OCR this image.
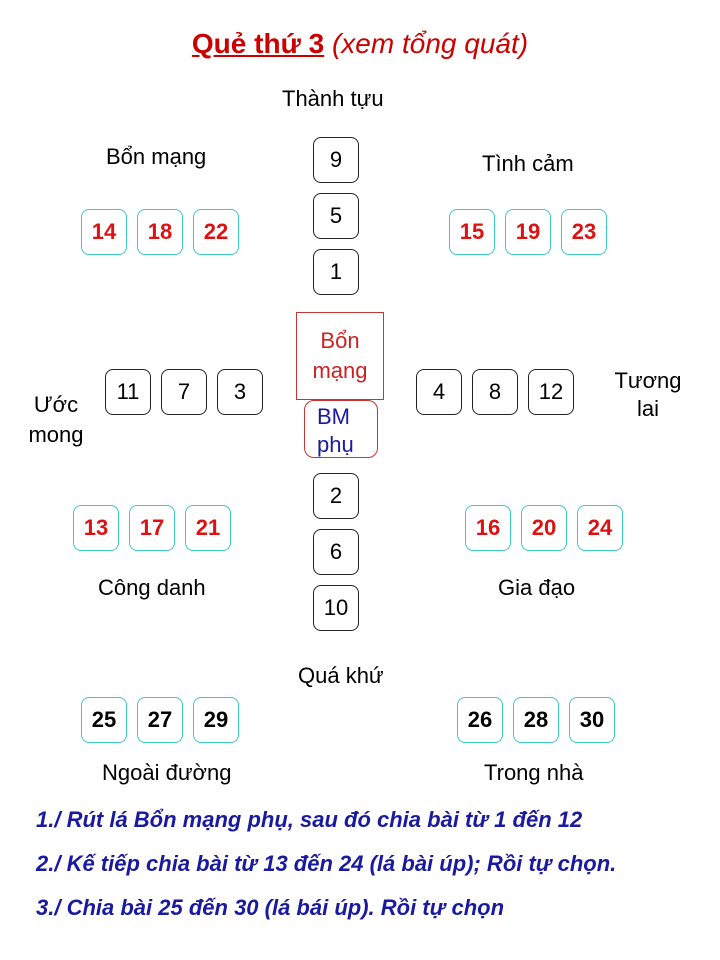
Quẻ thứ 3 (xem tổng quát)
Thành tựu
Bổn mạng	Tình cảm
Ước
mong
Tương
lai
Công danh	Gia đạo
Quá khứ
Ngoài đường	Trong nhà
9
5
1
Bổn
mạng
BM
phụ
11	7	3	4	8	12
2
6
10
14	18	22	15	19	23
13	17	21	16	20	24
25	27	29	26	28	30
1./ Rút lá Bổn mạng phụ, sau đó chia bài từ 1 đến 12
2./ Kế tiếp chia bài từ 13 đến 24 (lá bài úp); Rồi tự chọn.
3./ Chia bài 25 đến 30 (lá bái úp). Rồi tự chọn
